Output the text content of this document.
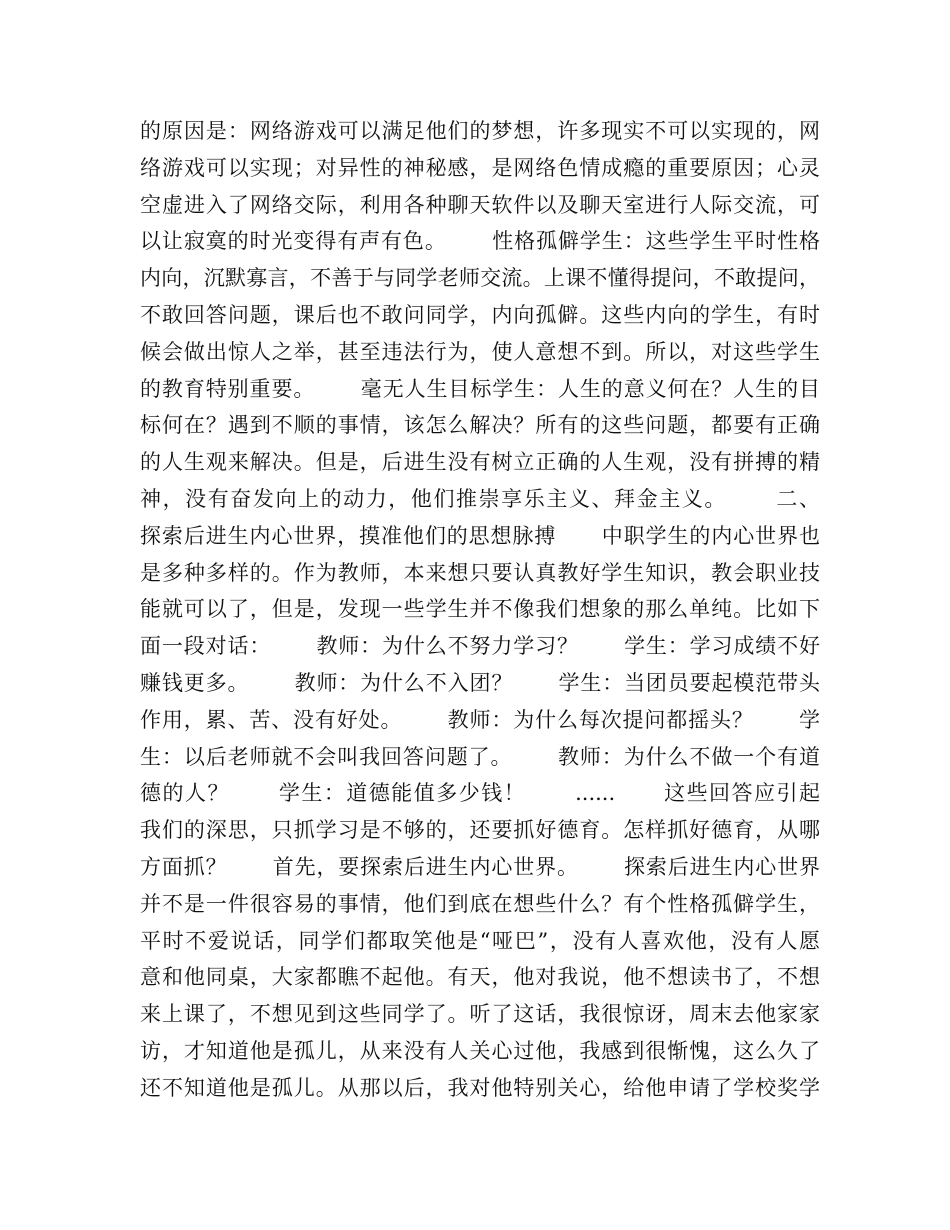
的原因是：网络游戏可以满足他们的梦想，许多现实不可以实现的，网
络游戏可以实现；对异性的神秘感，是网络色情成瘾的重要原因；心灵
空虚进入了网络交际，利用各种聊天软件以及聊天室进行人际交流，可
以让寂寞的时光变得有声有色。      性格孤僻学生：这些学生平时性格
内向，沉默寡言，不善于与同学老师交流。上课不懂得提问，不敢提问，
不敢回答问题，课后也不敢问同学，内向孤僻。这些内向的学生，有时
候会做出惊人之举，甚至违法行为，使人意想不到。所以，对这些学生
的教育特别重要。      毫无人生目标学生：人生的意义何在？人生的目
标何在？遇到不顺的事情，该怎么解决？所有的这些问题，都要有正确
的人生观来解决。但是，后进生没有树立正确的人生观，没有拼搏的精
神，没有奋发向上的动力，他们推崇享乐主义、拜金主义。      二、
探索后进生内心世界，摸准他们的思想脉搏      中职学生的内心世界也
是多种多样的。作为教师，本来想只要认真教好学生知识，教会职业技
能就可以了，但是，发现一些学生并不像我们想象的那么单纯。比如下
面一段对话：      教师：为什么不努力学习？      学生：学习成绩不好
赚钱更多。      教师：为什么不入团？      学生：当团员要起模范带头
作用，累、苦、没有好处。      教师：为什么每次提问都摇头？      学
生：以后老师就不会叫我回答问题了。      教师：为什么不做一个有道
德的人？      学生：道德能值多少钱！      ......      这些回答应引起
我们的深思，只抓学习是不够的，还要抓好德育。怎样抓好德育，从哪
方面抓？      首先，要探索后进生内心世界。      探索后进生内心世界
并不是一件很容易的事情，他们到底在想些什么？有个性格孤僻学生，
平时不爱说话，同学们都取笑他是“哑巴”，没有人喜欢他，没有人愿
意和他同桌，大家都瞧不起他。有天，他对我说，他不想读书了，不想
来上课了，不想见到这些同学了。听了这话，我很惊讶，周末去他家家
访，才知道他是孤儿，从来没有人关心过他，我感到很惭愧，这么久了
还不知道他是孤儿。从那以后，我对他特别关心，给他申请了学校奖学
